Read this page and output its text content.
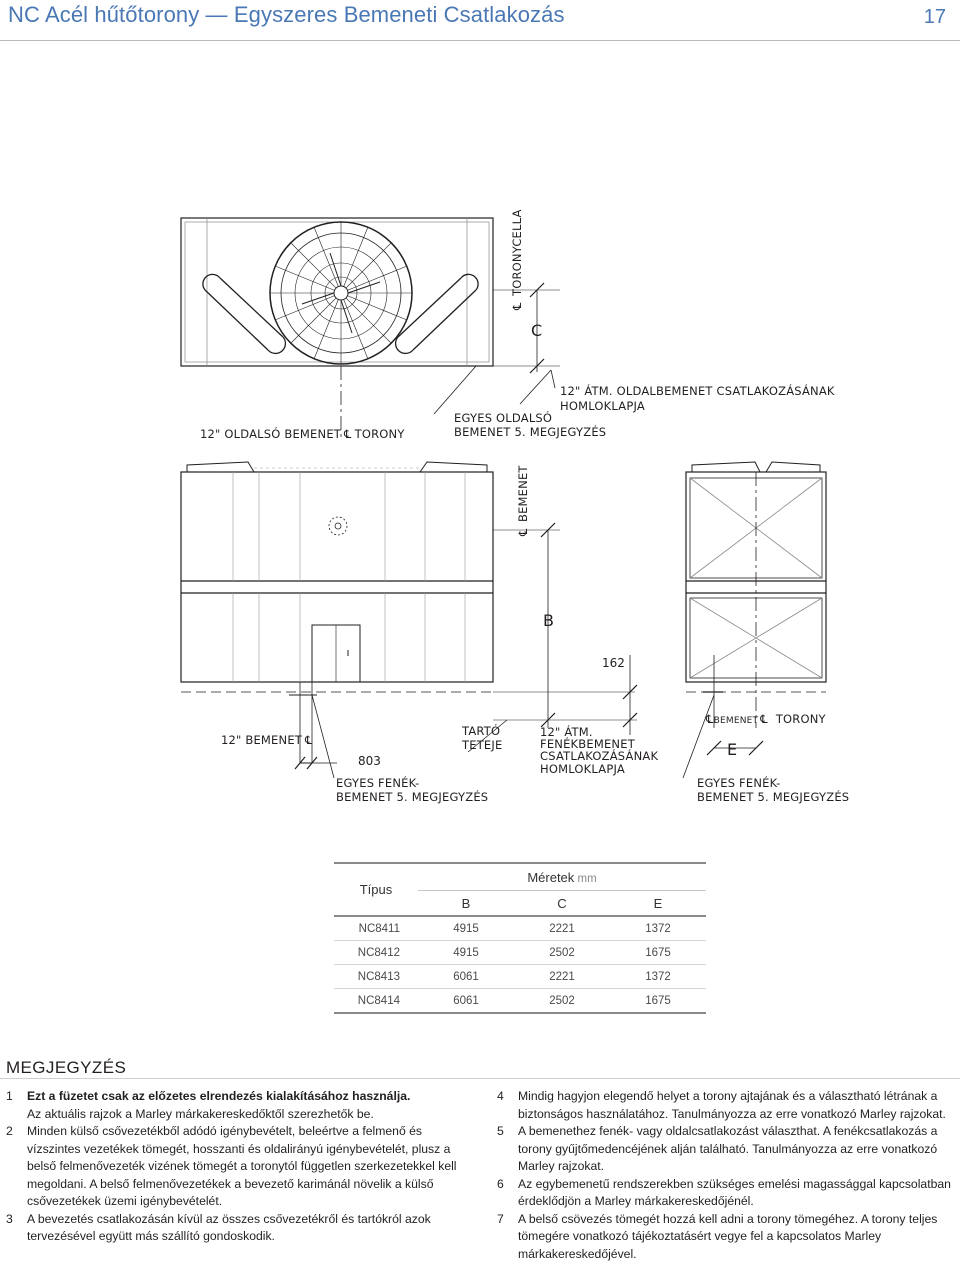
NC Acél hűtőtorony — Egyszeres Bemeneti Csatlakozás	17
TORONYCELLA
℄
C
12" ÁTM. OLDALBEMENET CSATLAKOZÁSÁNAK
HOMLOKLAPJA
EGYES OLDALSÓ
BEMENET 5. MEGJEGYZÉS
12" OLDALSÓ BEMENET ℄ TORONY
BEMENET
℄
B
162
12" BEMENET ℄
803
TARTÓ
TETEJE
12" ÁTM.
FENÉKBEMENET
CSATLAKOZÁSÁNAK
HOMLOKLAPJA
EGYES FENÉK-
BEMENET 5. MEGJEGYZÉS
℄BEMENET ℄ TORONY
E
EGYES FENÉK-
BEMENET 5. MEGJEGYZÉS
Típus	Méretek mm		
	B	C	E
NC8411	4915	2221	1372
NC8412	4915	2502	1675
NC8413	6061	2221	1372
NC8414	6061	2502	1675
MEGJEGYZÉS
1	Ezt a füzetet csak az előzetes elrendezés kialakításához használja.
Az aktuális rajzok a Marley márkakereskedőktől szerezhetők be.
2	Minden külső csővezetékből adódó igénybevételt, beleértve a felmenő és vízszintes vezetékek tömegét, hosszanti és oldalirányú igénybevételét, plusz a belső felmenővezeték vizének tömegét a toronytól független szerkezetekkel kell megoldani. A belső felmenővezetékek a bevezető karimánál növelik a külső csővezetékek üzemi igénybevételét.
3	A bevezetés csatlakozásán kívül az összes csővezetékről és tartókról azok tervezésével együtt más szállító gondoskodik.
4	Mindig hagyjon elegendő helyet a torony ajtajának és a választható létrának a biztonságos használatához. Tanulmányozza az erre vonatkozó Marley rajzokat.
5	A bemenethez fenék- vagy oldalcsatlakozást választhat. A fenékcsatlakozás a torony gyűjtőmedencéjének alján található. Tanulmányozza az erre vonatkozó Marley rajzokat.
6	Az egybemenetű rendszerekben szükséges emelési magassággal kapcsolatban érdeklődjön a Marley márkakereskedőjénél.
7	A belső csövezés tömegét hozzá kell adni a torony tömegéhez. A torony teljes tömegére vonatkozó tájékoztatásért vegye fel a kapcsolatos Marley márkakereskedőjével.
